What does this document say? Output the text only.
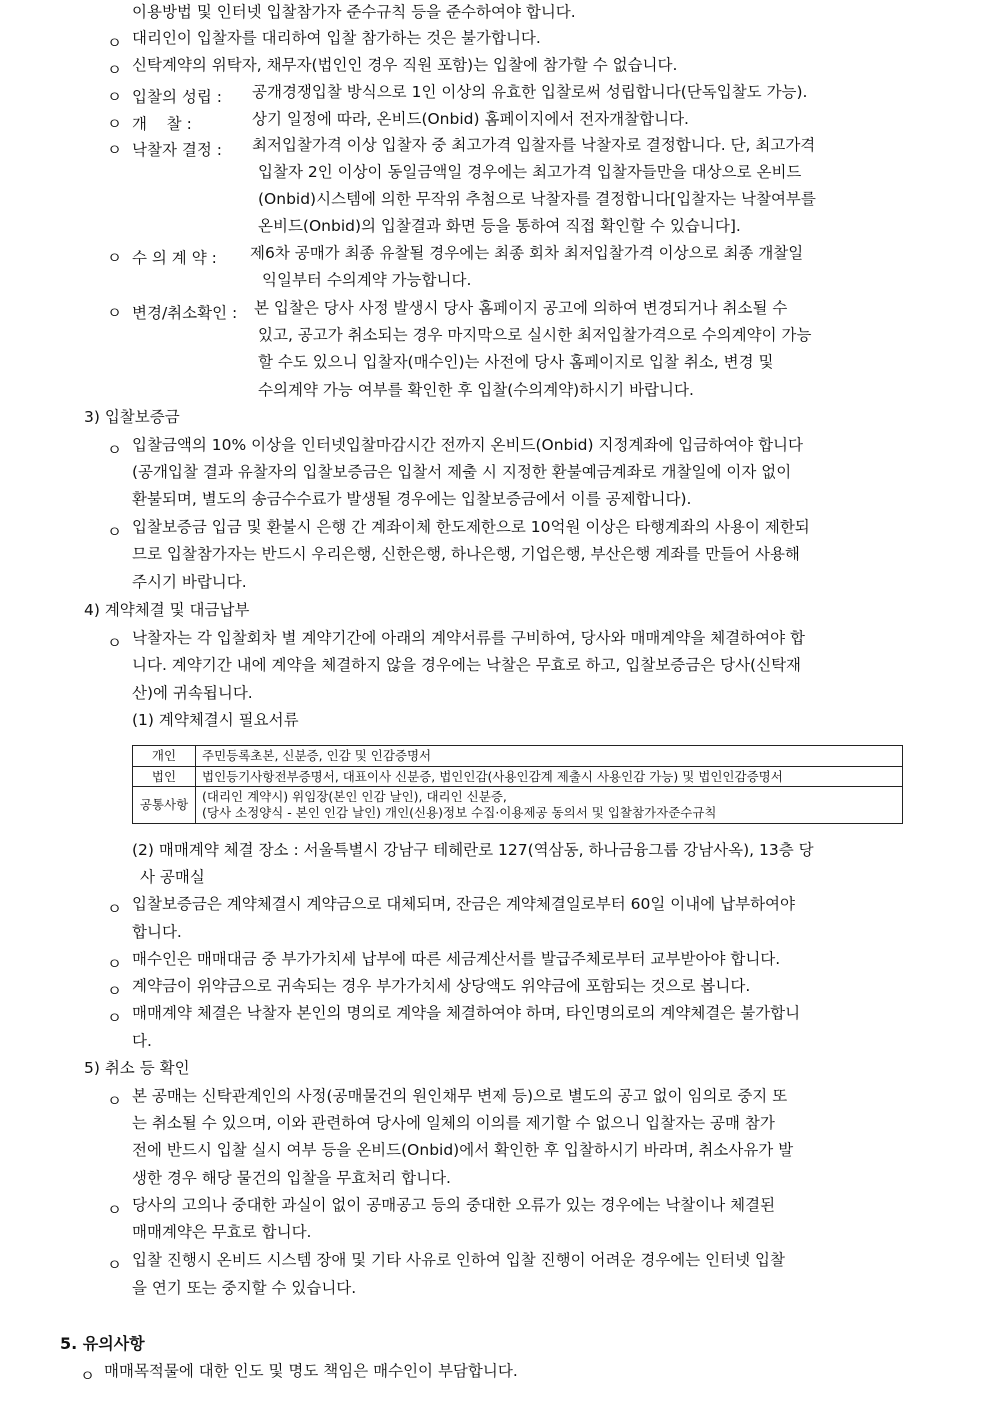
이용방법 및 인터넷 입찰참가자 준수규칙 등을 준수하여야 합니다.
ㅇ 대리인이 입찰자를 대리하여 입찰 참가하는 것은 불가합니다.
ㅇ 신탁계약의 위탁자, 채무자(법인인 경우 직원 포함)는 입찰에 참가할 수 없습니다.
ㅇ 입찰의 성립 : 공개경쟁입찰 방식으로 1인 이상의 유효한 입찰로써 성립합니다(단독입찰도 가능).
ㅇ 개    찰 :	상기 일정에 따라, 온비드(Onbid) 홈페이지에서 전자개찰합니다.
ㅇ 낙찰자 결정 : 최저입찰가격 이상 입찰자 중 최고가격 입찰자를 낙찰자로 결정합니다. 단, 최고가격
입찰자 2인 이상이 동일금액일 경우에는 최고가격 입찰자들만을 대상으로 온비드
(Onbid)시스템에 의한 무작위 추첨으로 낙찰자를 결정합니다[입찰자는 낙찰여부를
온비드(Onbid)의 입찰결과 화면 등을 통하여 직접 확인할 수 있습니다].
ㅇ 수 의 계 약 : 제6차 공매가 최종 유찰될 경우에는 최종 회차 최저입찰가격 이상으로 최종 개찰일
익일부터 수의계약 가능합니다.
ㅇ 변경/취소확인 : 본 입찰은 당사 사정 발생시 당사 홈페이지 공고에 의하여 변경되거나 취소될 수
있고, 공고가 취소되는 경우 마지막으로 실시한 최저입찰가격으로 수의계약이 가능
할 수도 있으니 입찰자(매수인)는 사전에 당사 홈페이지로 입찰 취소, 변경 및
수의계약 가능 여부를 확인한 후 입찰(수의계약)하시기 바랍니다.
3) 입찰보증금
ㅇ 입찰금액의 10% 이상을 인터넷입찰마감시간 전까지 온비드(Onbid) 지정계좌에 입금하여야 합니다
(공개입찰 결과 유찰자의 입찰보증금은 입찰서 제출 시 지정한 환불예금계좌로 개찰일에 이자 없이
환불되며, 별도의 송금수수료가 발생될 경우에는 입찰보증금에서 이를 공제합니다).
ㅇ 입찰보증금 입금 및 환불시 은행 간 계좌이체 한도제한으로 10억원 이상은 타행계좌의 사용이 제한되
므로 입찰참가자는 반드시 우리은행, 신한은행, 하나은행, 기업은행, 부산은행 계좌를 만들어 사용해
주시기 바랍니다.
4) 계약체결 및 대금납부
ㅇ 낙찰자는 각 입찰회차 별 계약기간에 아래의 계약서류를 구비하여, 당사와 매매계약을 체결하여야 합
니다. 계약기간 내에 계약을 체결하지 않을 경우에는 낙찰은 무효로 하고, 입찰보증금은 당사(신탁재
산)에 귀속됩니다.
(1) 계약체결시 필요서류
개인	주민등록초본, 신분증, 인감 및 인감증명서
법인	법인등기사항전부증명서, 대표이사 신분증, 법인인감(사용인감계 제출시 사용인감 가능) 및 법인인감증명서
공통사항	(대리인 계약시) 위임장(본인 인감 날인), 대리인 신분증,
(당사 소정양식 - 본인 인감 날인) 개인(신용)정보 수집·이용제공 동의서 및 입찰참가자준수규칙
(2) 매매계약 체결 장소 : 서울특별시 강남구 테헤란로 127(역삼동, 하나금융그룹 강남사옥), 13층 당
사 공매실
ㅇ 입찰보증금은 계약체결시 계약금으로 대체되며, 잔금은 계약체결일로부터 60일 이내에 납부하여야
합니다.
ㅇ 매수인은 매매대금 중 부가가치세 납부에 따른 세금계산서를 발급주체로부터 교부받아야 합니다.
ㅇ 계약금이 위약금으로 귀속되는 경우 부가가치세 상당액도 위약금에 포함되는 것으로 봅니다.
ㅇ 매매계약 체결은 낙찰자 본인의 명의로 계약을 체결하여야 하며, 타인명의로의 계약체결은 불가합니
다.
5) 취소 등 확인
ㅇ 본 공매는 신탁관계인의 사정(공매물건의 원인채무 변제 등)으로 별도의 공고 없이 임의로 중지 또
는 취소될 수 있으며, 이와 관련하여 당사에 일체의 이의를 제기할 수 없으니 입찰자는 공매 참가
전에 반드시 입찰 실시 여부 등을 온비드(Onbid)에서 확인한 후 입찰하시기 바라며, 취소사유가 발
생한 경우 해당 물건의 입찰을 무효처리 합니다.
ㅇ 당사의 고의나 중대한 과실이 없이 공매공고 등의 중대한 오류가 있는 경우에는 낙찰이나 체결된
매매계약은 무효로 합니다.
ㅇ 입찰 진행시 온비드 시스템 장애 및 기타 사유로 인하여 입찰 진행이 어려운 경우에는 인터넷 입찰
을 연기 또는 중지할 수 있습니다.
5. 유의사항
ㅇ 매매목적물에 대한 인도 및 명도 책임은 매수인이 부담합니다.
